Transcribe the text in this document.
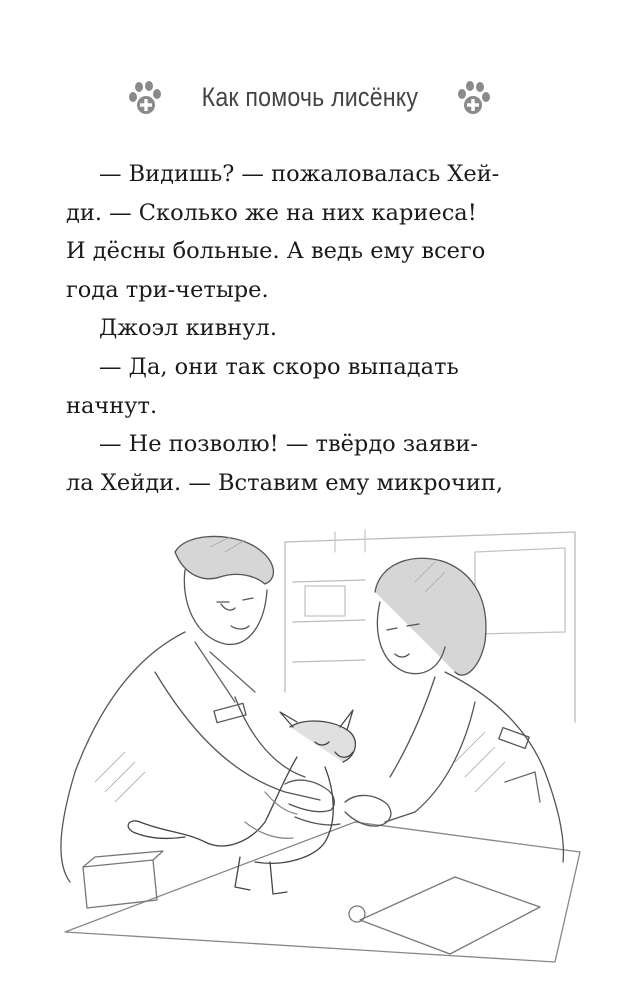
Как помочь лисёнку

— Видишь? — пожаловалась Хей-

ди. — Сколько же на них кариеса!

И дёсны больные. А ведь ему всего

года три-четыре.

Джоэл кивнул.

— Да, они так скоро выпадать

начнут.

— Не позволю! — твёрдо заяви-

ла Хейди. — Вставим ему микрочип,
